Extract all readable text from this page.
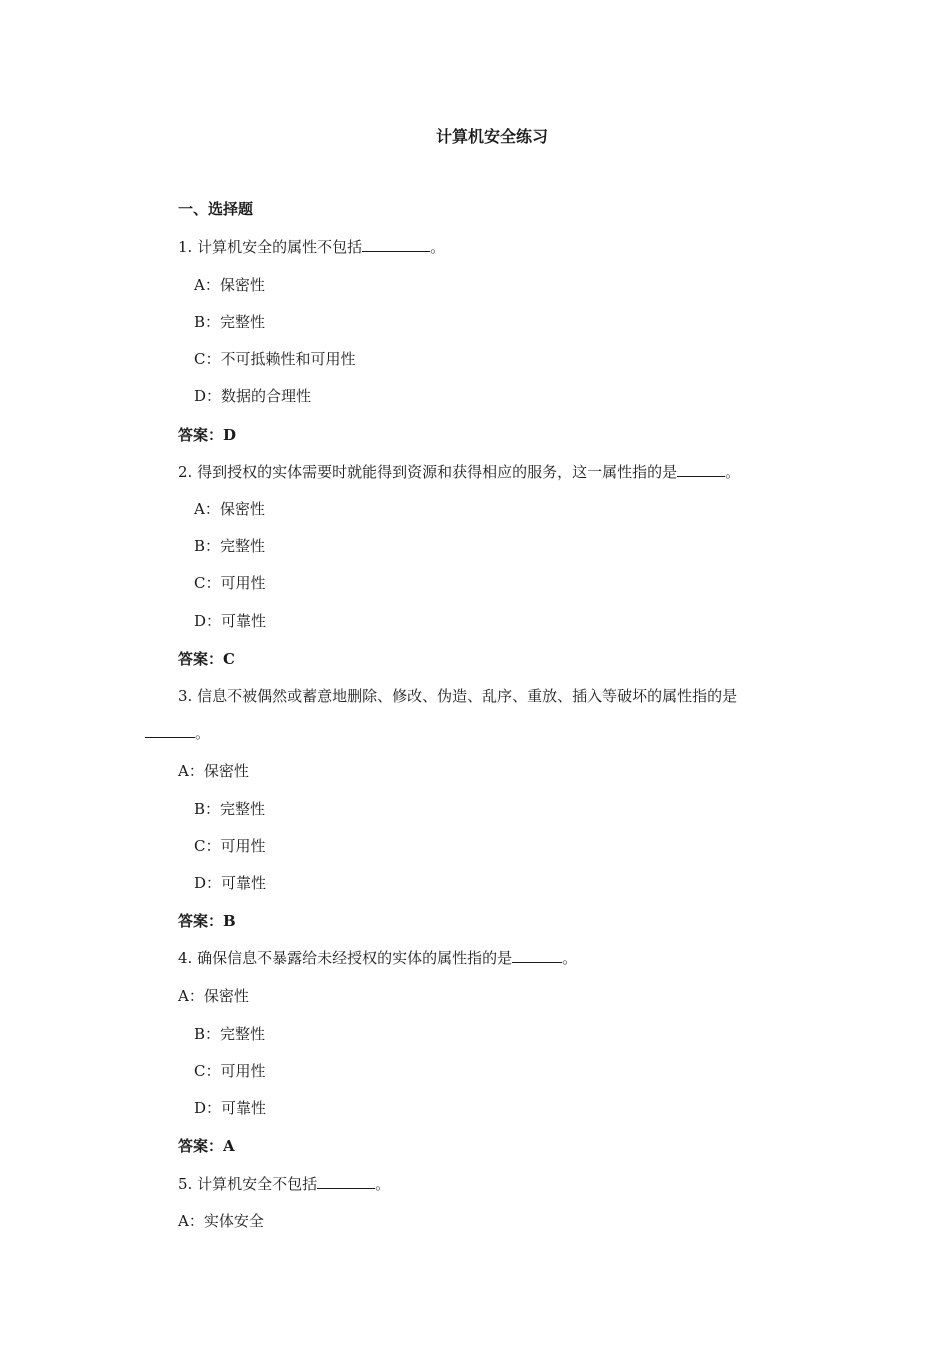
计算机安全练习
一、选择题
1. 计算机安全的属性不包括	。
A：保密性
B：完整性
C：不可抵赖性和可用性
D：数据的合理性
答案：D
2. 得到授权的实体需要时就能得到资源和获得相应的服务，这一属性指的是	。
A：保密性
B：完整性
C：可用性
D：可靠性
答案：C
3. 信息不被偶然或蓄意地删除、修改、伪造、乱序、重放、插入等破坏的属性指的是
。
A：保密性
B：完整性
C：可用性
D：可靠性
答案：B
4. 确保信息不暴露给未经授权的实体的属性指的是	。
A：保密性
B：完整性
C：可用性
D：可靠性
答案：A
5. 计算机安全不包括	。
A：实体安全
